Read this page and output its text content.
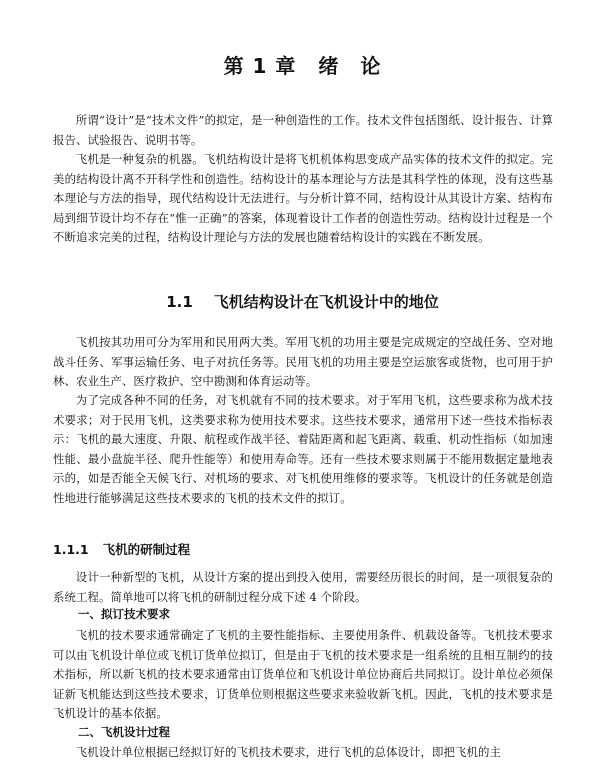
第 1 章 绪　论

所谓“设计”是“技术文件”的拟定，是一种创造性的工作。技术文件包括图纸、设计报告、计算报告、试验报告、说明书等。

飞机是一种复杂的机器。飞机结构设计是将飞机机体构思变成产品实体的技术文件的拟定。完美的结构设计离不开科学性和创造性。结构设计的基本理论与方法是其科学性的体现，没有这些基本理论与方法的指导，现代结构设计无法进行。与分析计算不同，结构设计从其设计方案、结构布局到细节设计均不存在“惟一正确”的答案，体现着设计工作者的创造性劳动。结构设计过程是一个不断追求完美的过程，结构设计理论与方法的发展也随着结构设计的实践在不断发展。

1.1 飞机结构设计在飞机设计中的地位

飞机按其功用可分为军用和民用两大类。军用飞机的功用主要是完成规定的空战任务、空对地战斗任务、军事运输任务、电子对抗任务等。民用飞机的功用主要是空运旅客或货物，也可用于护林、农业生产、医疗救护、空中勘测和体育运动等。

为了完成各种不同的任务，对飞机就有不同的技术要求。对于军用飞机，这些要求称为战术技术要求；对于民用飞机，这类要求称为使用技术要求。这些技术要求，通常用下述一些技术指标表示：飞机的最大速度、升限、航程或作战半径、着陆距离和起飞距离、载重、机动性指标（如加速性能、最小盘旋半径、爬升性能等）和使用寿命等。还有一些技术要求则属于不能用数据定量地表示的，如是否能全天候飞行、对机场的要求、对飞机使用维修的要求等。飞机设计的任务就是创造性地进行能够满足这些技术要求的飞机的技术文件的拟订。

1.1.1 飞机的研制过程

设计一种新型的飞机，从设计方案的提出到投入使用，需要经历很长的时间，是一项很复杂的系统工程。简单地可以将飞机的研制过程分成下述 4 个阶段。

一、拟订技术要求

飞机的技术要求通常确定了飞机的主要性能指标、主要使用条件、机载设备等。飞机技术要求可以由飞机设计单位或飞机订货单位拟订，但是由于飞机的技术要求是一组系统的且相互制约的技术指标，所以新飞机的技术要求通常由订货单位和飞机设计单位协商后共同拟订。设计单位必须保证新飞机能达到这些技术要求，订货单位则根据这些要求来验收新飞机。因此，飞机的技术要求是飞机设计的基本依据。

二、飞机设计过程

飞机设计单位根据已经拟订好的飞机技术要求，进行飞机的总体设计，即把飞机的主
